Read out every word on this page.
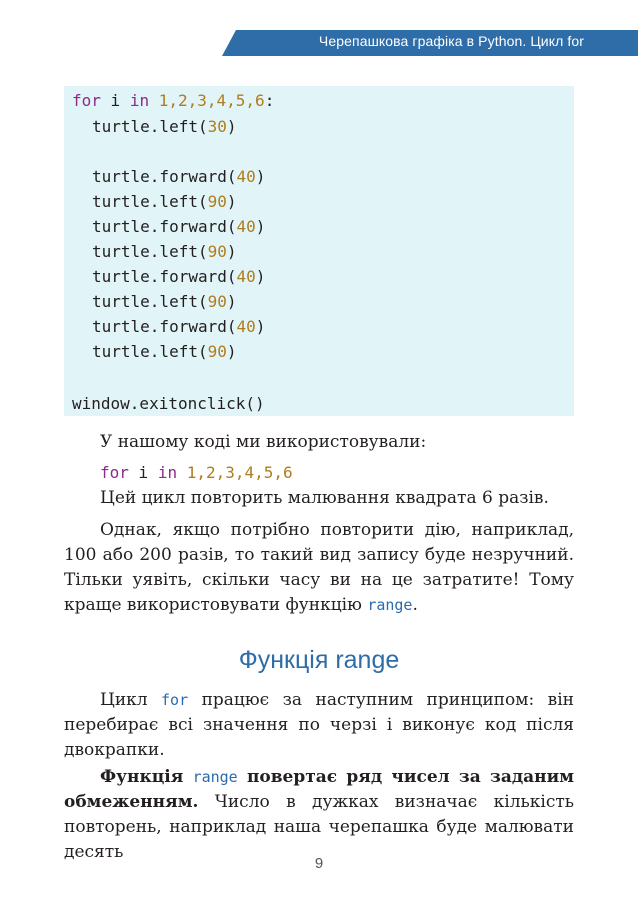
Черепашкова графіка в Python. Цикл for
for i in 1,2,3,4,5,6:
turtle.left(30)
turtle.forward(40)
turtle.left(90)
turtle.forward(40)
turtle.left(90)
turtle.forward(40)
turtle.left(90)
turtle.forward(40)
turtle.left(90)
window.exitonclick()
У нашому коді ми використовували:
for i in 1,2,3,4,5,6
Цей цикл повторить малювання квадрата 6 разів.
Однак, якщо потрібно повторити дію, наприклад, 100 або 200 разів, то такий вид запису буде незручний. Тільки уявіть, скільки часу ви на це затратите! Тому краще використовувати функцію range.
Функція range
Цикл for працює за наступним принципом: він перебирає всі значення по черзі і виконує код після двокрапки.
Функція range повертає ряд чисел за заданим обмеженням. Число в дужках визначає кількість повторень, наприклад наша черепашка буде малювати десять
9
